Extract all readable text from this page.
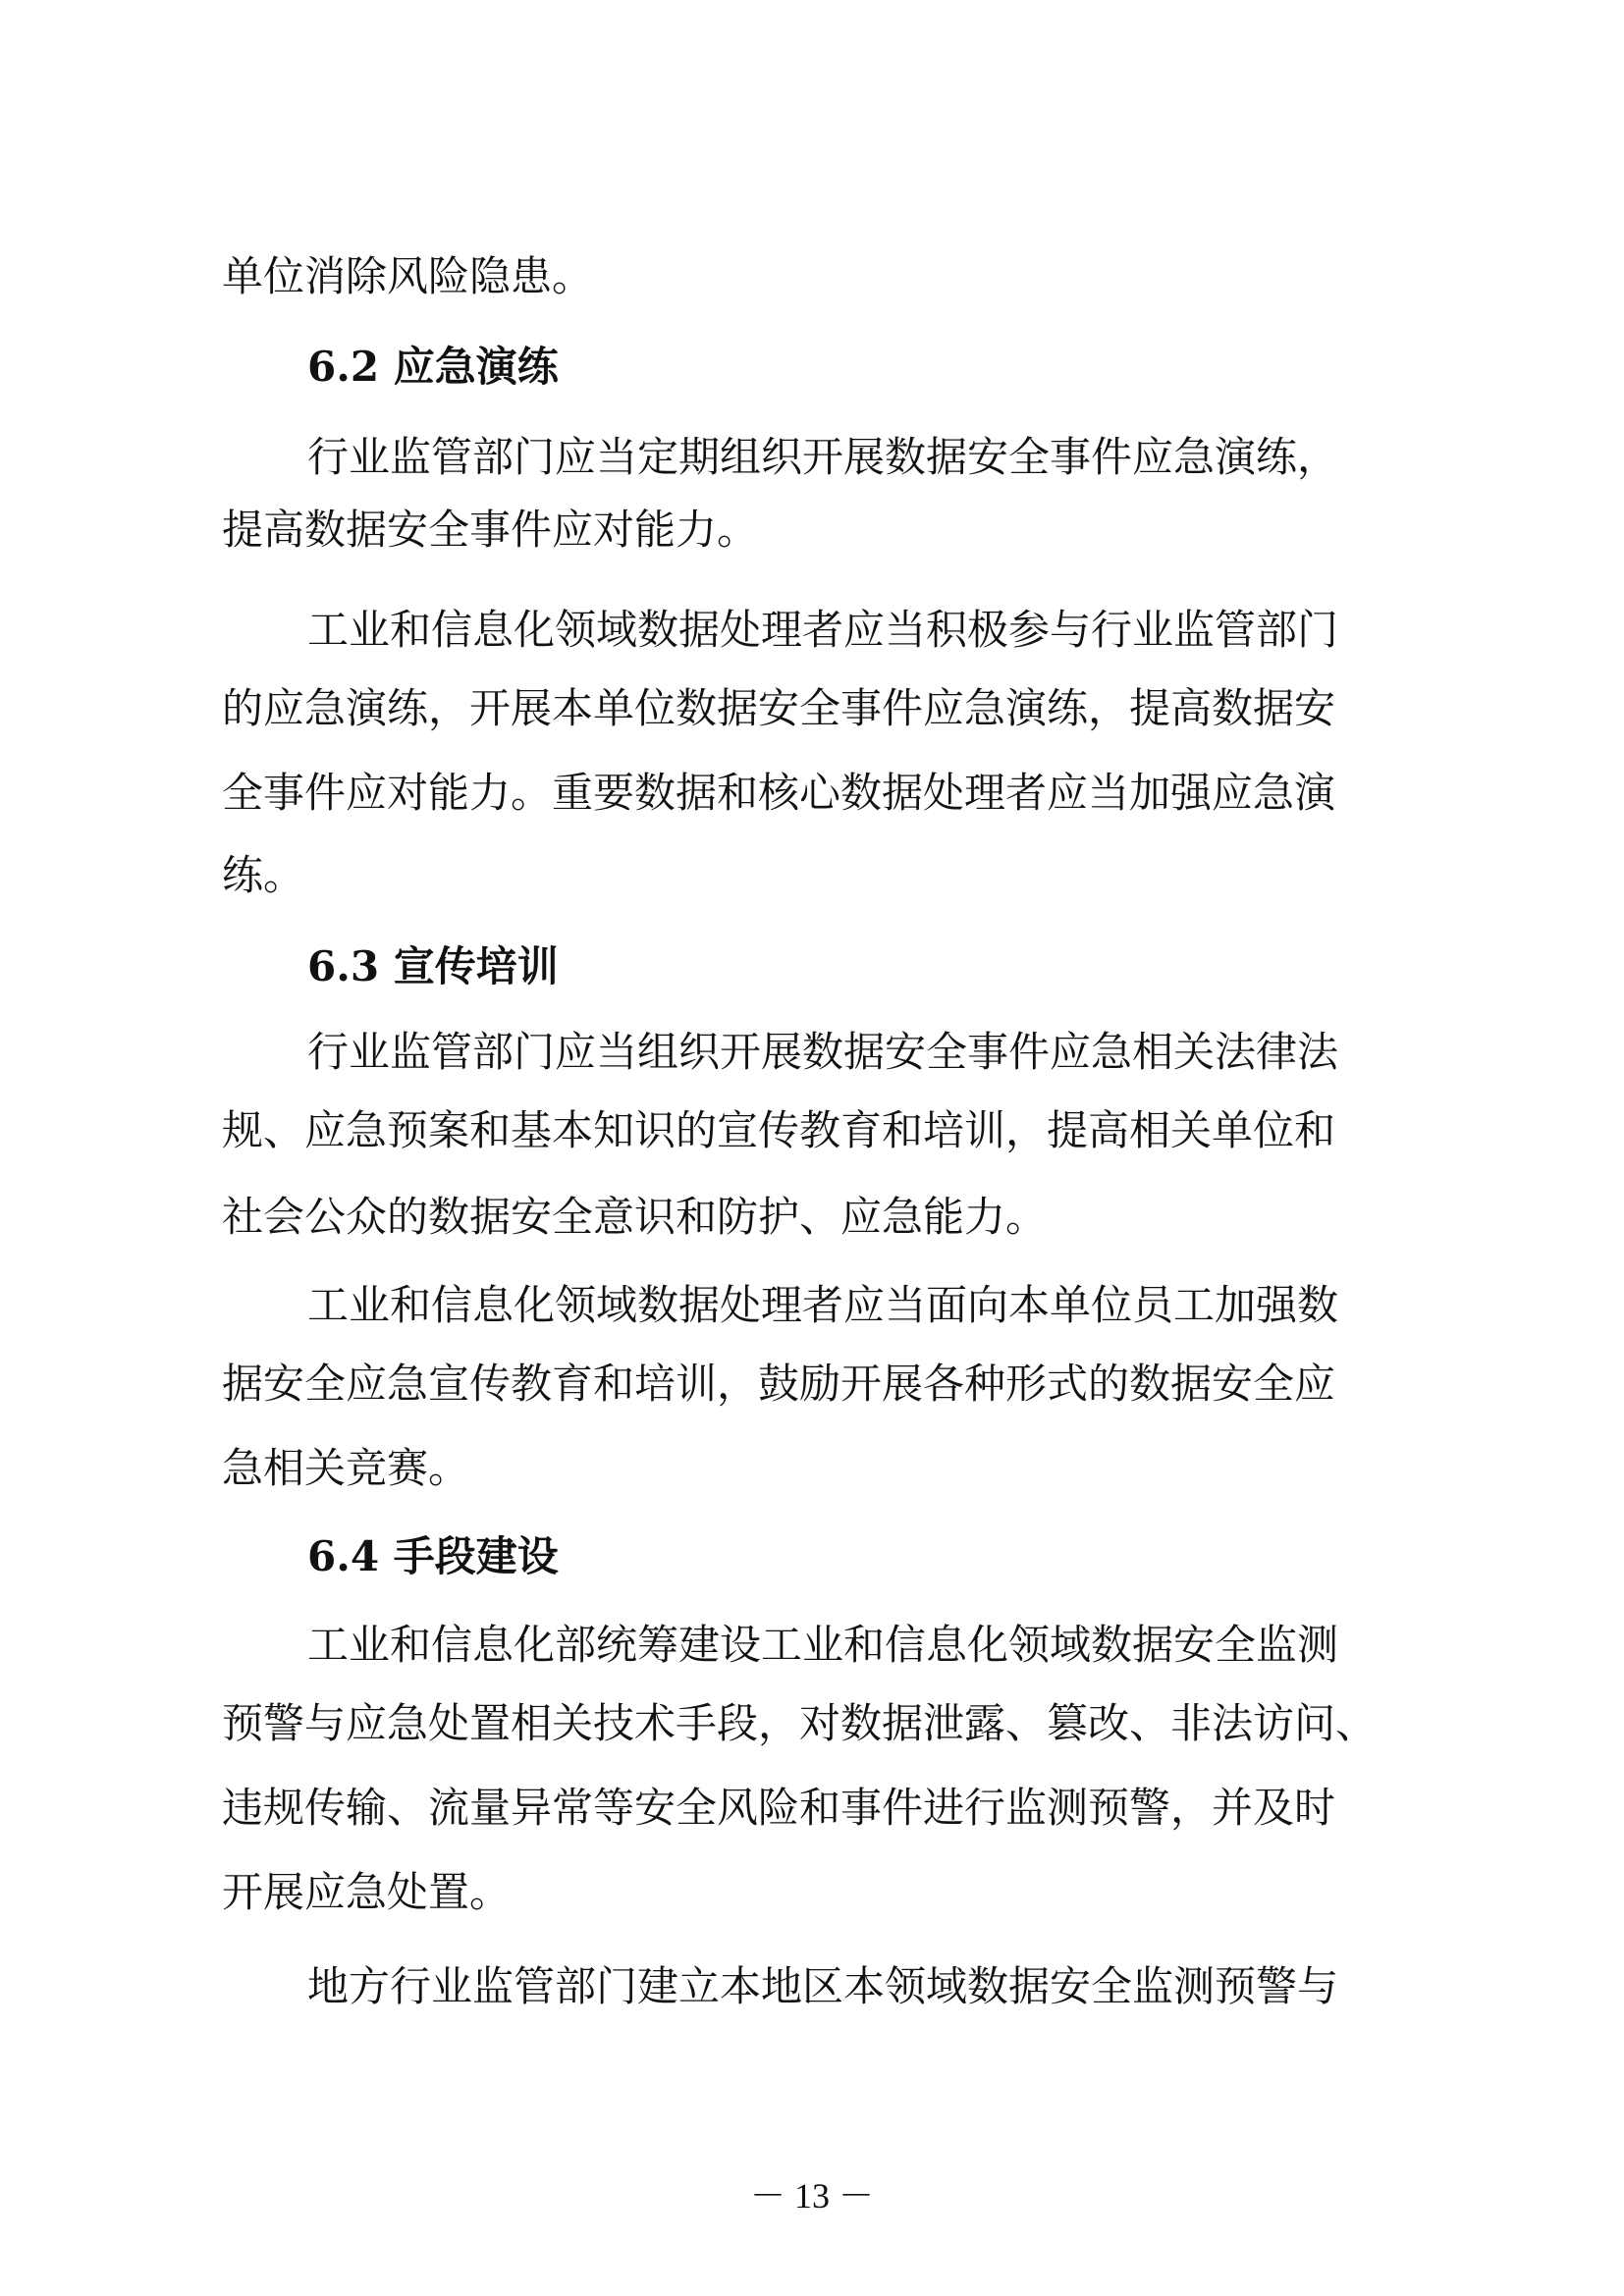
单位消除风险隐患。
6.2 应急演练
行业监管部门应当定期组织开展数据安全事件应急演练，
提高数据安全事件应对能力。
工业和信息化领域数据处理者应当积极参与行业监管部门
的应急演练，开展本单位数据安全事件应急演练，提高数据安
全事件应对能力。重要数据和核心数据处理者应当加强应急演
练。
6.3 宣传培训
行业监管部门应当组织开展数据安全事件应急相关法律法
规、应急预案和基本知识的宣传教育和培训，提高相关单位和
社会公众的数据安全意识和防护、应急能力。
工业和信息化领域数据处理者应当面向本单位员工加强数
据安全应急宣传教育和培训，鼓励开展各种形式的数据安全应
急相关竞赛。
6.4 手段建设
工业和信息化部统筹建设工业和信息化领域数据安全监测
预警与应急处置相关技术手段，对数据泄露、篡改、非法访问、
违规传输、流量异常等安全风险和事件进行监测预警，并及时
开展应急处置。
地方行业监管部门建立本地区本领域数据安全监测预警与
－ 13 －
